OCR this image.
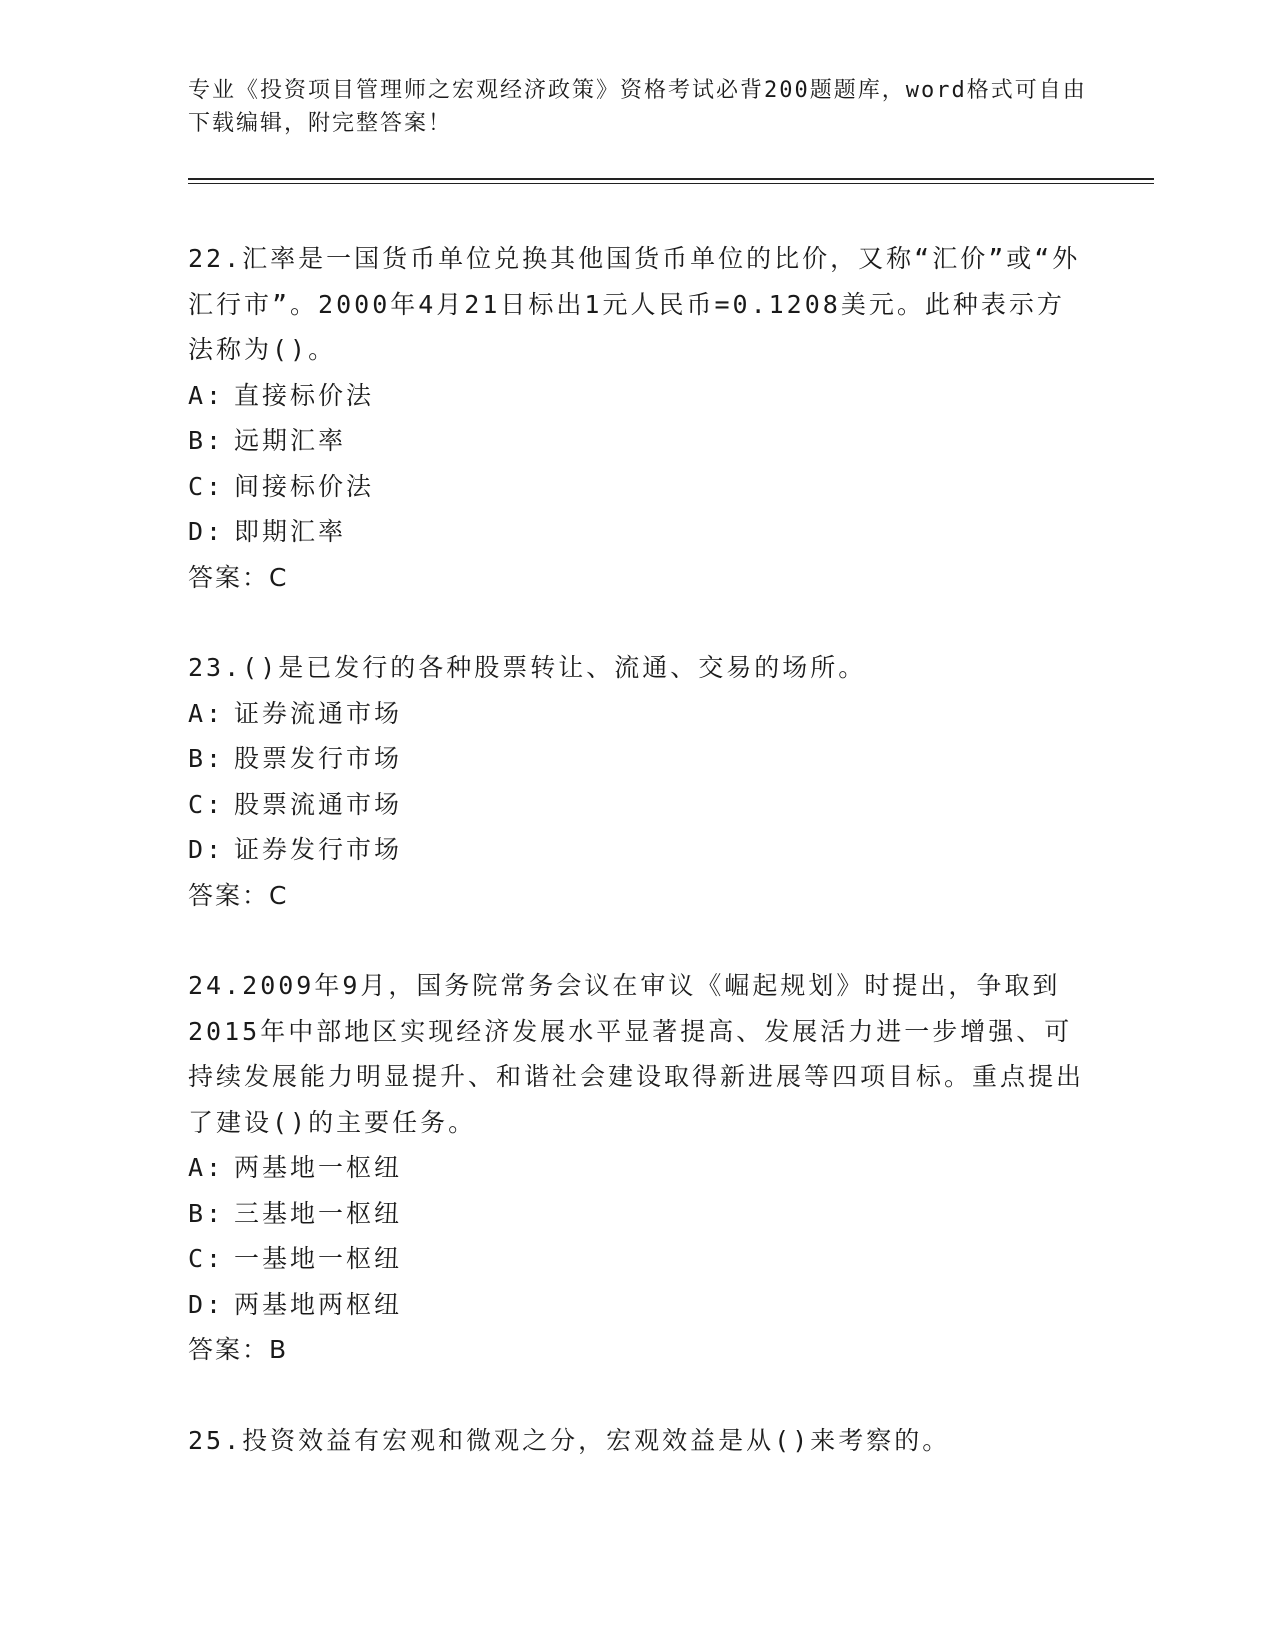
专业《投资项目管理师之宏观经济政策》资格考试必背200题题库，word格式可自由下载编辑，附完整答案！

22.汇率是一国货币单位兑换其他国货币单位的比价，又称“汇价”或“外汇行市”。2000年4月21日标出1元人民币=0.1208美元。此种表示方法称为()。

A: 直接标价法

B: 远期汇率

C: 间接标价法

D: 即期汇率

答案：C

23.()是已发行的各种股票转让、流通、交易的场所。

A: 证券流通市场

B: 股票发行市场

C: 股票流通市场

D: 证券发行市场

答案：C

24.2009年9月，国务院常务会议在审议《崛起规划》时提出，争取到2015年中部地区实现经济发展水平显著提高、发展活力进一步增强、可持续发展能力明显提升、和谐社会建设取得新进展等四项目标。重点提出了建设()的主要任务。

A: 两基地一枢纽

B: 三基地一枢纽

C: 一基地一枢纽

D: 两基地两枢纽

答案：B

25.投资效益有宏观和微观之分，宏观效益是从()来考察的。
